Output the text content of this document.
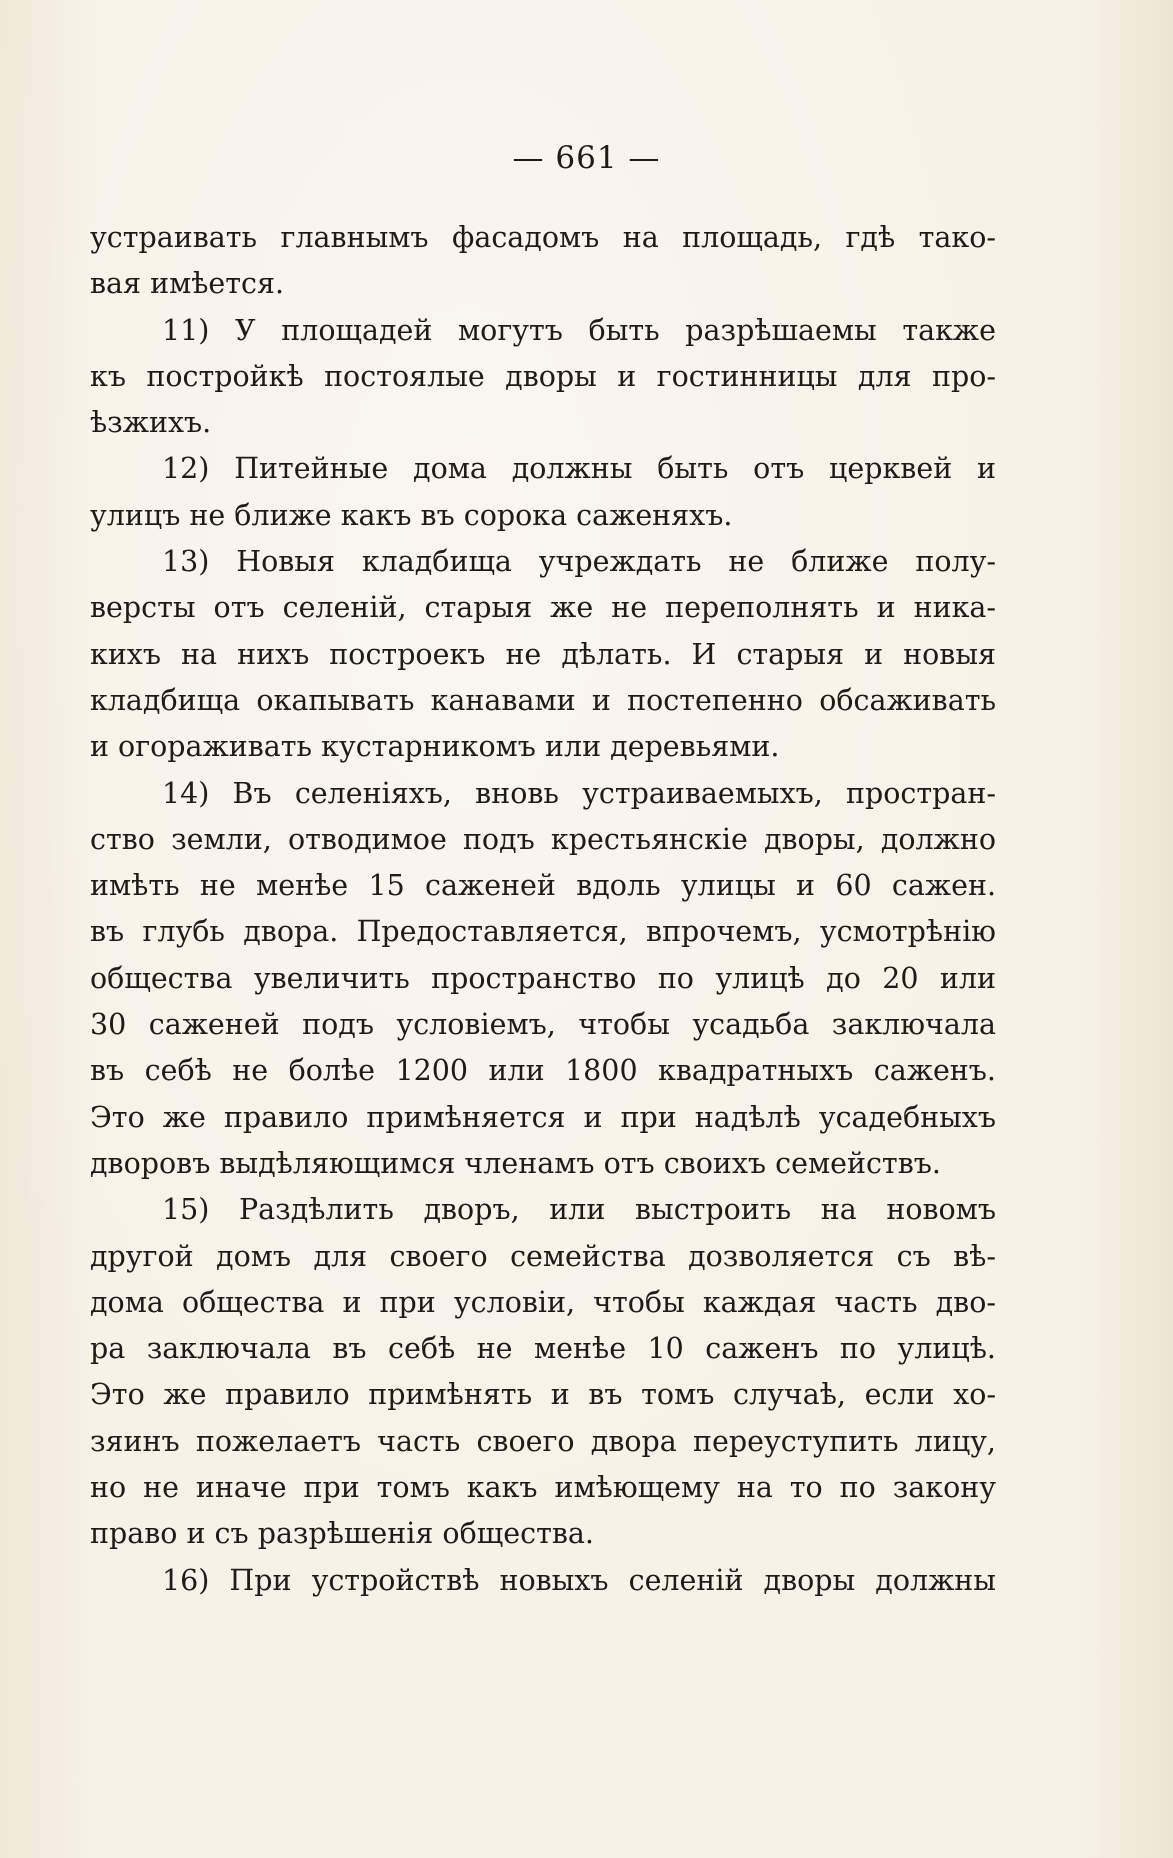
— 661 —
устраивать главнымъ фасадомъ на площадь, гдѣ тако-
вая имѣется.
11) У площадей могутъ быть разрѣшаемы также
къ постройкѣ постоялые дворы и гостинницы для про-
ѣзжихъ.
12) Питейные дома должны быть отъ церквей и
улицъ не ближе какъ въ сорока саженяхъ.
13) Новыя кладбища учреждать не ближе полу-
версты отъ селеній, старыя же не переполнять и ника-
кихъ на нихъ построекъ не дѣлать. И старыя и новыя
кладбища окапывать канавами и постепенно обсаживать
и огораживать кустарникомъ или деревьями.
14) Въ селеніяхъ, вновь устраиваемыхъ, простран-
ство земли, отводимое подъ крестьянскіе дворы, должно
имѣть не менѣе 15 саженей вдоль улицы и 60 сажен.
въ глубь двора. Предоставляется, впрочемъ, усмотрѣнію
общества увеличить пространство по улицѣ до 20 или
30 саженей подъ условіемъ, чтобы усадьба заключала
въ себѣ не болѣе 1200 или 1800 квадратныхъ саженъ.
Это же правило примѣняется и при надѣлѣ усадебныхъ
дворовъ выдѣляющимся членамъ отъ своихъ семействъ.
15) Раздѣлить дворъ, или выстроить на новомъ
другой домъ для своего семейства дозволяется съ вѣ-
дома общества и при условіи, чтобы каждая часть дво-
ра заключала въ себѣ не менѣе 10 саженъ по улицѣ.
Это же правило примѣнять и въ томъ случаѣ, если хо-
зяинъ пожелаетъ часть своего двора переуступить лицу,
но не иначе при томъ какъ имѣющему на то по закону
право и съ разрѣшенія общества.
16) При устройствѣ новыхъ селеній дворы должны
